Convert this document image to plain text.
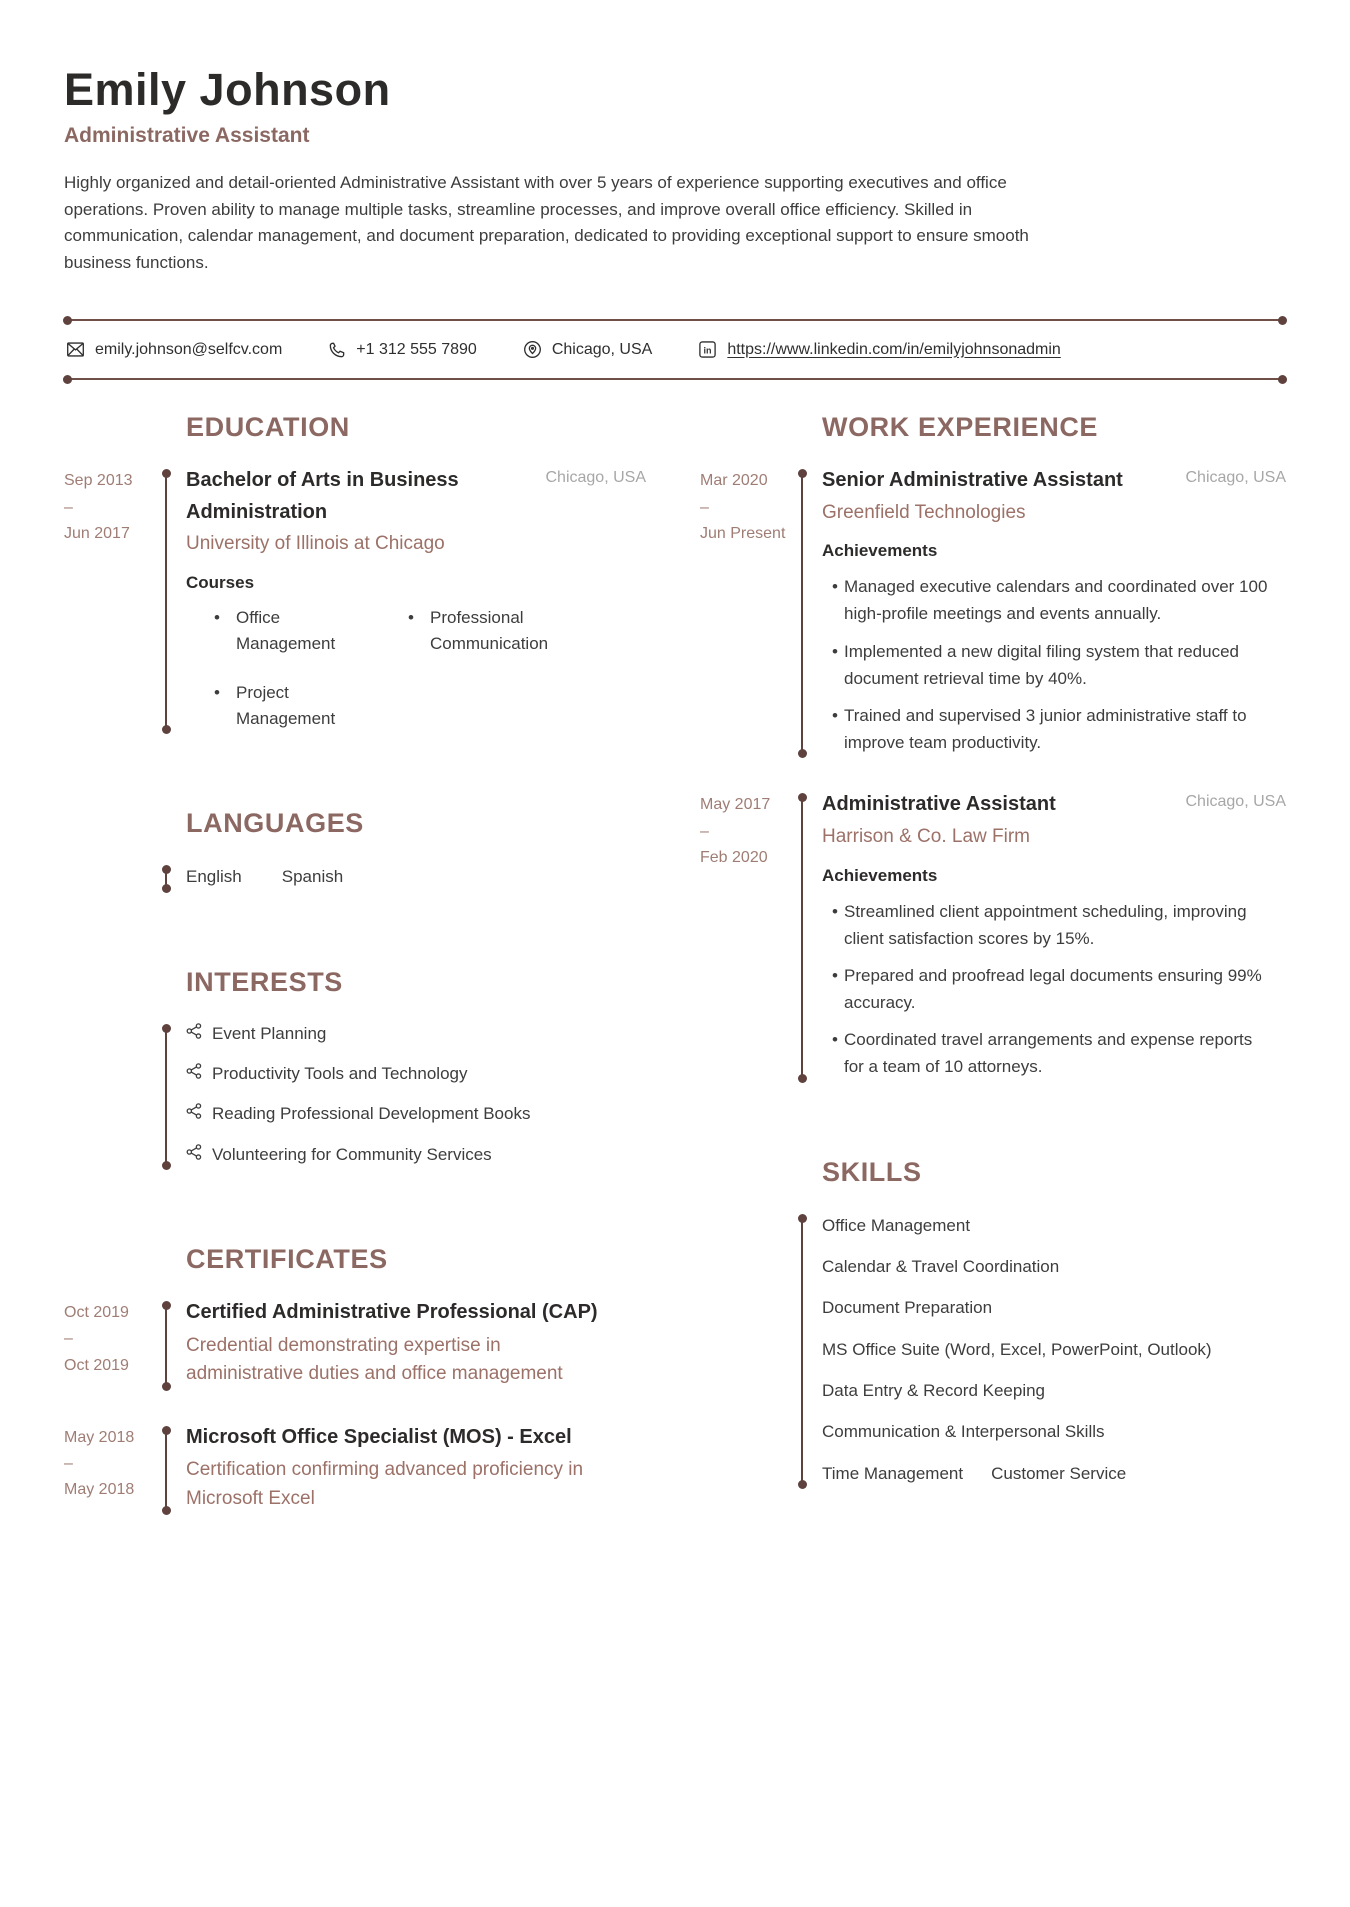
Emily Johnson
Administrative Assistant

Highly organized and detail-oriented Administrative Assistant with over 5 years of experience supporting executives and office operations. Proven ability to manage multiple tasks, streamline processes, and improve overall office efficiency. Skilled in communication, calendar management, and document preparation, dedicated to providing exceptional support to ensure smooth business functions.

emily.johnson@selfcv.com	+1 312 555 7890	Chicago, USA	in https://www.linkedin.com/in/emilyjohnsonadmin
EDUCATION
Sep 2013
–
Jun 2017
Bachelor of Arts in Business Administration
Chicago, USA
University of Illinois at Chicago
Courses
• Office Management
• Professional Communication
• Project Management
LANGUAGES
English Spanish
INTERESTS
Event Planning
Productivity Tools and Technology
Reading Professional Development Books
Volunteering for Community Services
CERTIFICATES
Oct 2019
–
Oct 2019
Certified Administrative Professional (CAP)
Credential demonstrating expertise in administrative duties and office management
May 2018
–
May 2018
Microsoft Office Specialist (MOS) - Excel
Certification confirming advanced proficiency in Microsoft Excel
WORK EXPERIENCE
Mar 2020
–
Jun Present
Senior Administrative Assistant	Chicago, USA
Greenfield Technologies
Achievements
• Managed executive calendars and coordinated over 100 high-profile meetings and events annually.
• Implemented a new digital filing system that reduced document retrieval time by 40%.
• Trained and supervised 3 junior administrative staff to improve team productivity.
May 2017
–
Feb 2020
Administrative Assistant	Chicago, USA
Harrison & Co. Law Firm
Achievements
• Streamlined client appointment scheduling, improving client satisfaction scores by 15%.
• Prepared and proofread legal documents ensuring 99% accuracy.
• Coordinated travel arrangements and expense reports for a team of 10 attorneys.
SKILLS
Office Management
Calendar & Travel Coordination
Document Preparation
MS Office Suite (Word, Excel, PowerPoint, Outlook)
Data Entry & Record Keeping
Communication & Interpersonal Skills
Time Management Customer Service
